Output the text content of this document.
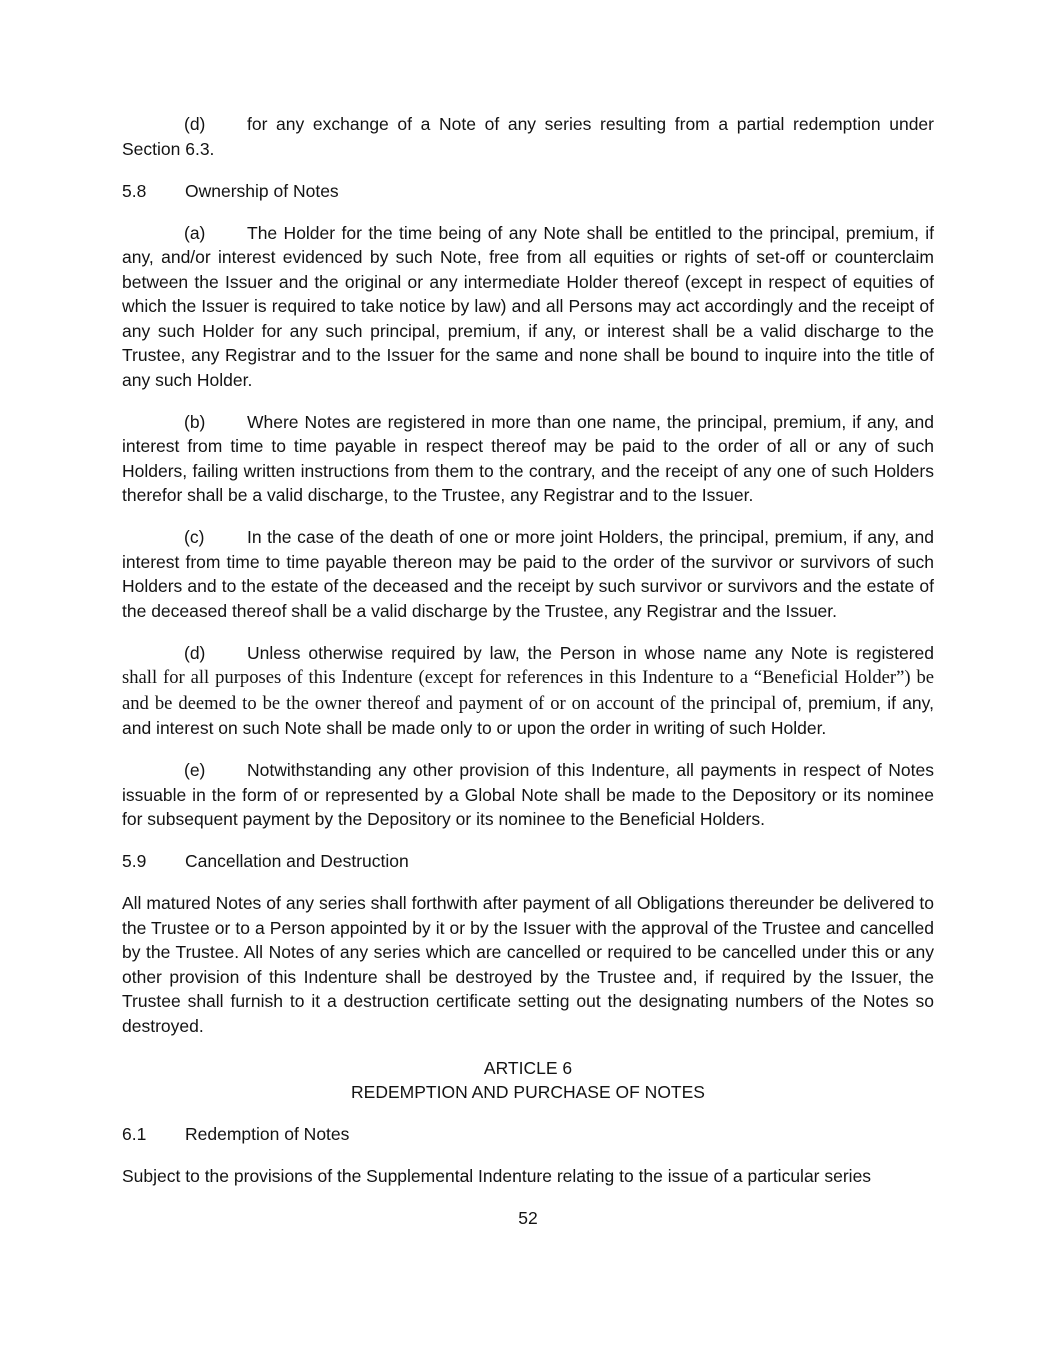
(d) for any exchange of a Note of any series resulting from a partial redemption under Section 6.3.

5.8 Ownership of Notes

(a) The Holder for the time being of any Note shall be entitled to the principal, premium, if any, and/or interest evidenced by such Note, free from all equities or rights of set-off or counterclaim between the Issuer and the original or any intermediate Holder thereof (except in respect of equities of which the Issuer is required to take notice by law) and all Persons may act accordingly and the receipt of any such Holder for any such principal, premium, if any, or interest shall be a valid discharge to the Trustee, any Registrar and to the Issuer for the same and none shall be bound to inquire into the title of any such Holder.

(b) Where Notes are registered in more than one name, the principal, premium, if any, and interest from time to time payable in respect thereof may be paid to the order of all or any of such Holders, failing written instructions from them to the contrary, and the receipt of any one of such Holders therefor shall be a valid discharge, to the Trustee, any Registrar and to the Issuer.

(c) In the case of the death of one or more joint Holders, the principal, premium, if any, and interest from time to time payable thereon may be paid to the order of the survivor or survivors of such Holders and to the estate of the deceased and the receipt by such survivor or survivors and the estate of the deceased thereof shall be a valid discharge by the Trustee, any Registrar and the Issuer.

(d) Unless otherwise required by law, the Person in whose name any Note is registered shall for all purposes of this Indenture (except for references in this Indenture to a “Beneficial Holder”) be and be deemed to be the owner thereof and payment of or on account of the principal of, premium, if any, and interest on such Note shall be made only to or upon the order in writing of such Holder.

(e) Notwithstanding any other provision of this Indenture, all payments in respect of Notes issuable in the form of or represented by a Global Note shall be made to the Depository or its nominee for subsequent payment by the Depository or its nominee to the Beneficial Holders.

5.9 Cancellation and Destruction

All matured Notes of any series shall forthwith after payment of all Obligations thereunder be delivered to the Trustee or to a Person appointed by it or by the Issuer with the approval of the Trustee and cancelled by the Trustee. All Notes of any series which are cancelled or required to be cancelled under this or any other provision of this Indenture shall be destroyed by the Trustee and, if required by the Issuer, the Trustee shall furnish to it a destruction certificate setting out the designating numbers of the Notes so destroyed.

ARTICLE 6
REDEMPTION AND PURCHASE OF NOTES

6.1 Redemption of Notes

Subject to the provisions of the Supplemental Indenture relating to the issue of a particular series

52
